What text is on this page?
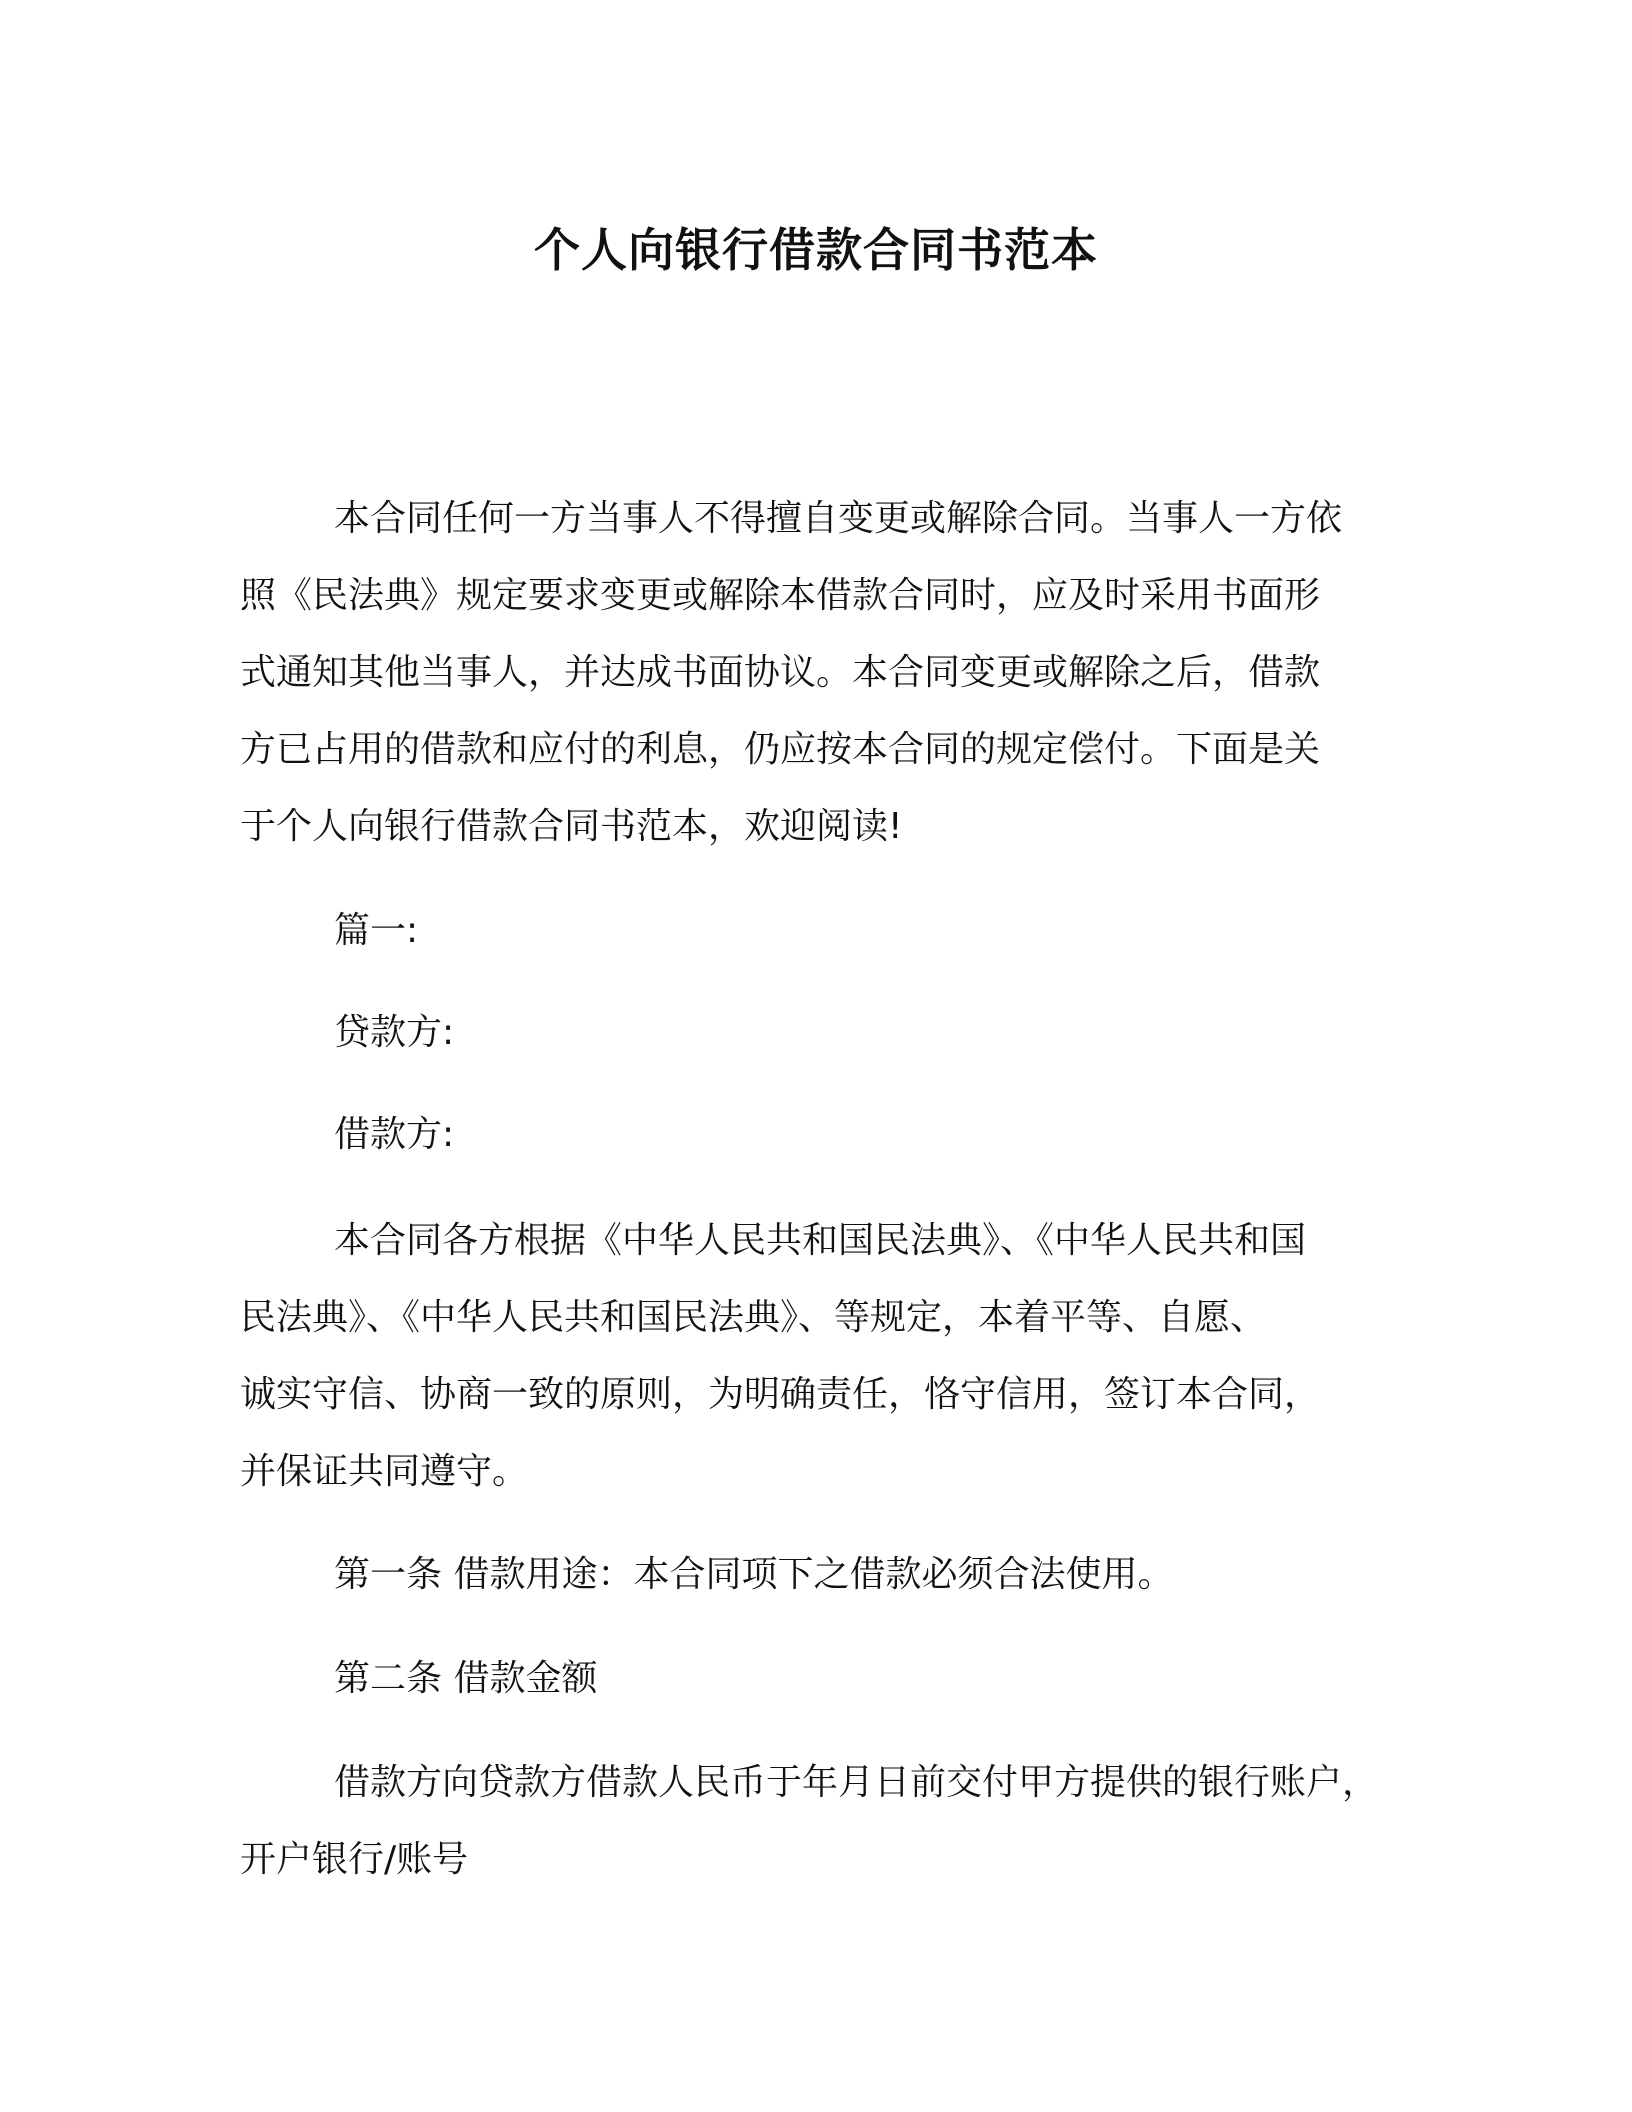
个人向银行借款合同书范本
本合同任何一方当事人不得擅自变更或解除合同。当事人一方依
照《民法典》规定要求变更或解除本借款合同时，应及时采用书面形
式通知其他当事人，并达成书面协议。本合同变更或解除之后，借款
方已占用的借款和应付的利息，仍应按本合同的规定偿付。下面是关
于个人向银行借款合同书范本，欢迎阅读!
篇一:
贷款方:
借款方:
本合同各方根据《中华人民共和国民法典》、《中华人民共和国
民法典》、《中华人民共和国民法典》、等规定，本着平等、自愿、
诚实守信、协商一致的原则，为明确责任，恪守信用，签订本合同，
并保证共同遵守。
第一条 借款用途：本合同项下之借款必须合法使用。
第二条 借款金额
借款方向贷款方借款人民币于年月日前交付甲方提供的银行账户，
开户银行/账号
